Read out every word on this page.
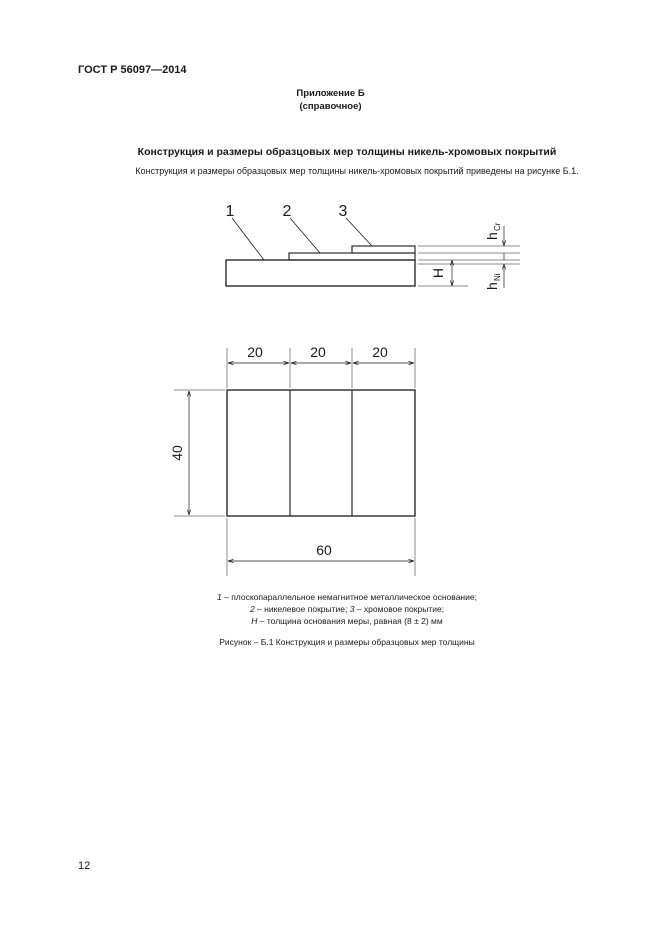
ГОСТ Р 56097—2014
Приложение Б
(справочное)
Конструкция и размеры образцовых мер толщины никель-хромовых покрытий
Конструкция и размеры образцовых мер толщины никель-хромовых покрытий приведены на рисунке Б.1.
1	2	3
H
h
Cr
h
Ni
20	20	20
40
60
1 – плоскопараллельное немагнитное металлическое основание;
2 – никелевое покрытие; 3 – хромовое покрытие;
H – толщина основания меры, равная (8 ± 2) мм
Рисунок – Б.1 Конструкция и размеры образцовых мер толщины
12
